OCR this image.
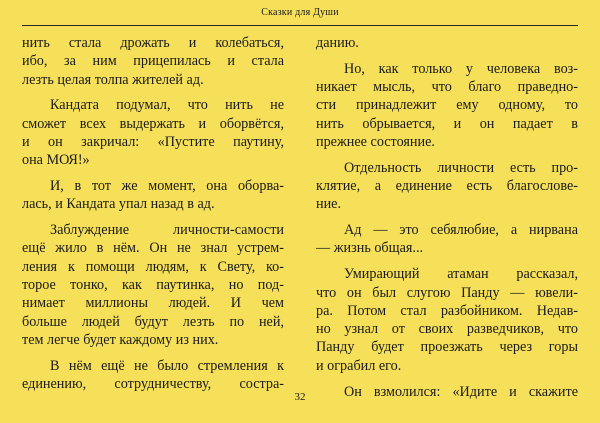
Сказки для Души
нить стала дрожать и колебаться,
ибо, за ним прицепилась и стала
лезть целая толпа жителей ад.
Кандата подумал, что нить не
сможет всех выдержать и оборвётся,
и он закричал: «Пустите паутину,
она МОЯ!»
И, в тот же момент, она оборва-
лась, и Кандата упал назад в ад.
Заблуждение личности-самости
ещё жило в нём. Он не знал устрем-
ления к помощи людям, к Свету, ко-
торое тонко, как паутинка, но под-
нимает миллионы людей. И чем
больше людей будут лезть по ней,
тем легче будет каждому из них.
В нём ещё не было стремления к
единению, сотрудничеству, состра-
данию.
Но, как только у человека воз-
никает мысль, что благо праведно-
сти принадлежит ему одному, то
нить обрывается, и он падает в
прежнее состояние.
Отдельность личности есть про-
клятие, а единение есть благослове-
ние.
Ад — это себялюбие, а нирвана
— жизнь общая...
Умирающий атаман рассказал,
что он был слугою Панду — ювели-
ра. Потом стал разбойником. Недав-
но узнал от своих разведчиков, что
Панду будет проезжать через горы
и ограбил его.
Он взмолился: «Идите и скажите
32
